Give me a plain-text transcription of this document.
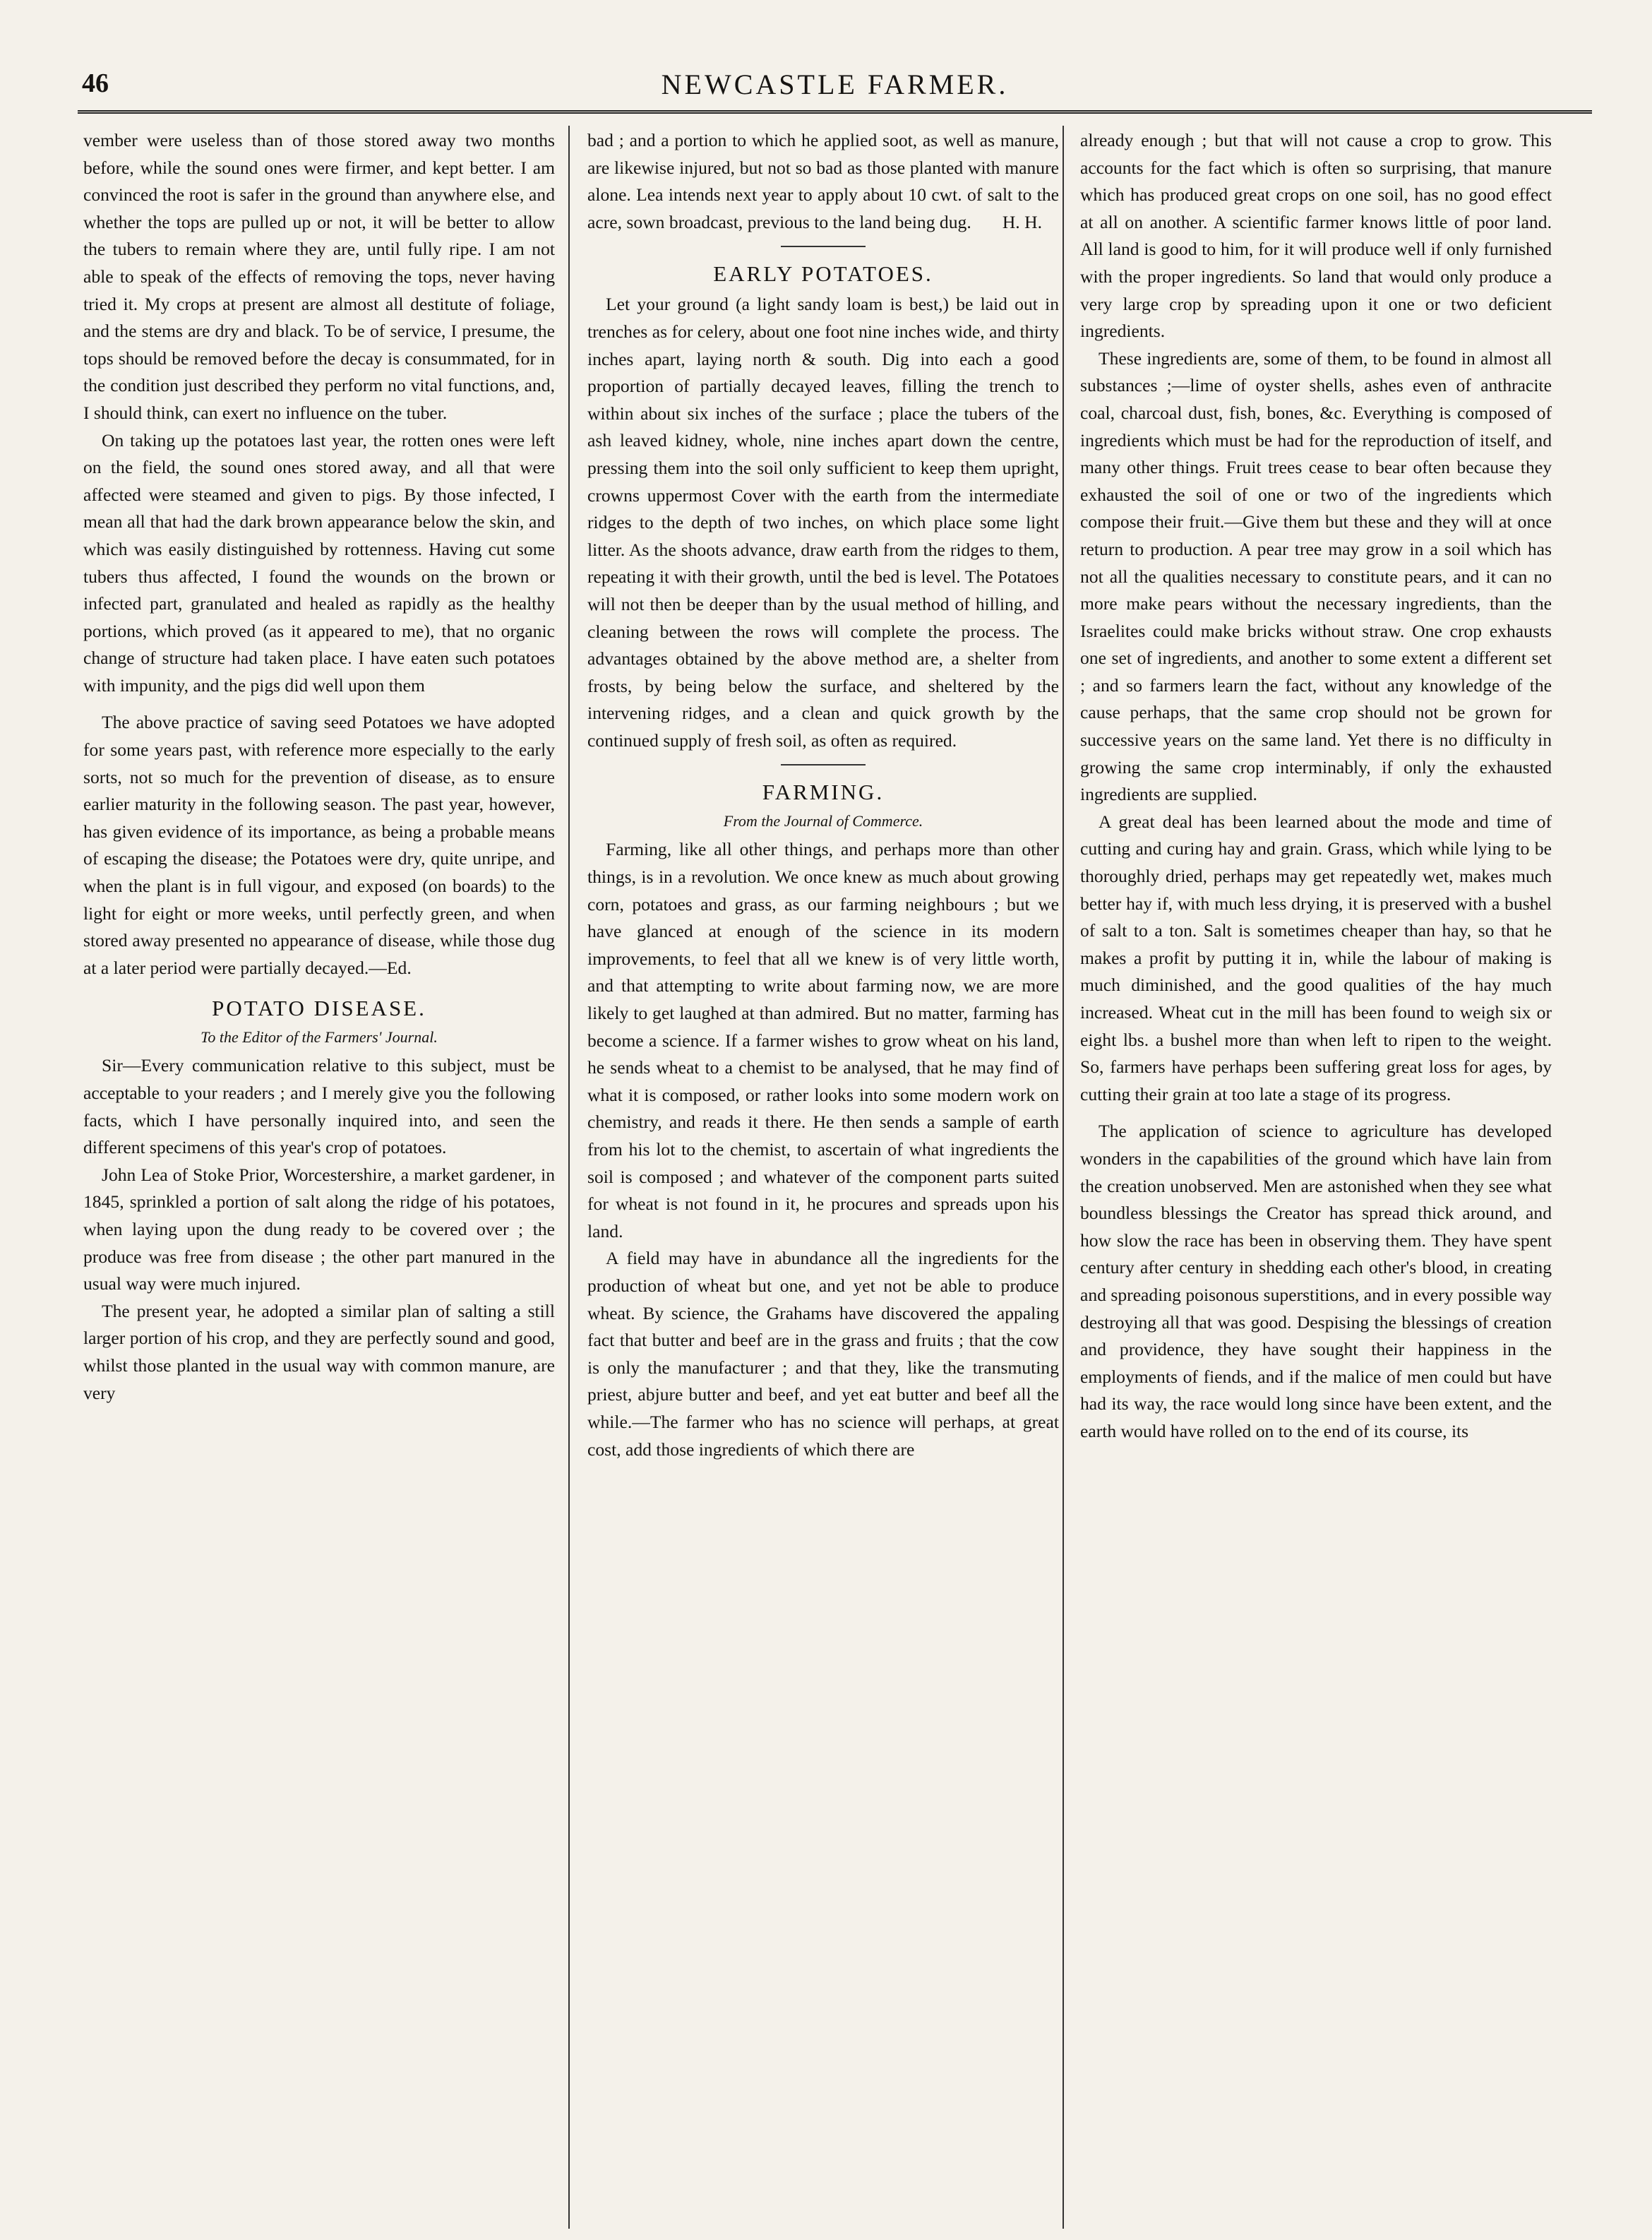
46	NEWCASTLE FARMER.

vember were useless than of those stored away two months before, while the sound ones were firmer, and kept better. I am convinced the root is safer in the ground than anywhere else, and whether the tops are pulled up or not, it will be better to allow the tubers to remain where they are, until fully ripe. I am not able to speak of the effects of removing the tops, never having tried it. My crops at present are almost all destitute of foliage, and the stems are dry and black. To be of service, I presume, the tops should be removed before the decay is consummated, for in the condition just described they perform no vital functions, and, I should think, can exert no influence on the tuber.

On taking up the potatoes last year, the rotten ones were left on the field, the sound ones stored away, and all that were affected were steamed and given to pigs. By those infected, I mean all that had the dark brown appearance below the skin, and which was easily distinguished by rottenness. Having cut some tubers thus affected, I found the wounds on the brown or infected part, granulated and healed as rapidly as the healthy portions, which proved (as it appeared to me), that no organic change of structure had taken place. I have eaten such potatoes with impunity, and the pigs did well upon them

The above practice of saving seed Potatoes we have adopted for some years past, with reference more especially to the early sorts, not so much for the prevention of disease, as to ensure earlier maturity in the following season. The past year, however, has given evidence of its importance, as being a probable means of escaping the disease; the Potatoes were dry, quite unripe, and when the plant is in full vigour, and exposed (on boards) to the light for eight or more weeks, until perfectly green, and when stored away presented no appearance of disease, while those dug at a later period were partially decayed.—Ed.

POTATO DISEASE.

To the Editor of the Farmers' Journal.

Sir—Every communication relative to this subject, must be acceptable to your readers ; and I merely give you the following facts, which I have personally inquired into, and seen the different specimens of this year's crop of potatoes.

John Lea of Stoke Prior, Worcestershire, a market gardener, in 1845, sprinkled a portion of salt along the ridge of his potatoes, when laying upon the dung ready to be covered over ; the produce was free from disease ; the other part manured in the usual way were much injured.

The present year, he adopted a similar plan of salting a still larger portion of his crop, and they are perfectly sound and good, whilst those planted in the usual way with common manure, are very

bad ; and a portion to which he applied soot, as well as manure, are likewise injured, but not so bad as those planted with manure alone. Lea intends next year to apply about 10 cwt. of salt to the acre, sown broadcast, previous to the land being dug. H. H.

EARLY POTATOES.

Let your ground (a light sandy loam is best,) be laid out in trenches as for celery, about one foot nine inches wide, and thirty inches apart, laying north & south. Dig into each a good proportion of partially decayed leaves, filling the trench to within about six inches of the surface ; place the tubers of the ash leaved kidney, whole, nine inches apart down the centre, pressing them into the soil only sufficient to keep them upright, crowns uppermost Cover with the earth from the intermediate ridges to the depth of two inches, on which place some light litter. As the shoots advance, draw earth from the ridges to them, repeating it with their growth, until the bed is level. The Potatoes will not then be deeper than by the usual method of hilling, and cleaning between the rows will complete the process. The advantages obtained by the above method are, a shelter from frosts, by being below the surface, and sheltered by the intervening ridges, and a clean and quick growth by the continued supply of fresh soil, as often as required.

FARMING.

From the Journal of Commerce.

Farming, like all other things, and perhaps more than other things, is in a revolution. We once knew as much about growing corn, potatoes and grass, as our farming neighbours ; but we have glanced at enough of the science in its modern improvements, to feel that all we knew is of very little worth, and that attempting to write about farming now, we are more likely to get laughed at than admired. But no matter, farming has become a science. If a farmer wishes to grow wheat on his land, he sends wheat to a chemist to be analysed, that he may find of what it is composed, or rather looks into some modern work on chemistry, and reads it there. He then sends a sample of earth from his lot to the chemist, to ascertain of what ingredients the soil is composed ; and whatever of the component parts suited for wheat is not found in it, he procures and spreads upon his land.

A field may have in abundance all the ingredients for the production of wheat but one, and yet not be able to produce wheat. By science, the Grahams have discovered the appaling fact that butter and beef are in the grass and fruits ; that the cow is only the manufacturer ; and that they, like the transmuting priest, abjure butter and beef, and yet eat butter and beef all the while.—The farmer who has no science will perhaps, at great cost, add those ingredients of which there are

already enough ; but that will not cause a crop to grow. This accounts for the fact which is often so surprising, that manure which has produced great crops on one soil, has no good effect at all on another. A scientific farmer knows little of poor land. All land is good to him, for it will produce well if only furnished with the proper ingredients. So land that would only produce a very large crop by spreading upon it one or two deficient ingredients.

These ingredients are, some of them, to be found in almost all substances ;—lime of oyster shells, ashes even of anthracite coal, charcoal dust, fish, bones, &c. Everything is composed of ingredients which must be had for the reproduction of itself, and many other things. Fruit trees cease to bear often because they exhausted the soil of one or two of the ingredients which compose their fruit.—Give them but these and they will at once return to production. A pear tree may grow in a soil which has not all the qualities necessary to constitute pears, and it can no more make pears without the necessary ingredients, than the Israelites could make bricks without straw. One crop exhausts one set of ingredients, and another to some extent a different set ; and so farmers learn the fact, without any knowledge of the cause perhaps, that the same crop should not be grown for successive years on the same land. Yet there is no difficulty in growing the same crop interminably, if only the exhausted ingredients are supplied.

A great deal has been learned about the mode and time of cutting and curing hay and grain. Grass, which while lying to be thoroughly dried, perhaps may get repeatedly wet, makes much better hay if, with much less drying, it is preserved with a bushel of salt to a ton. Salt is sometimes cheaper than hay, so that he makes a profit by putting it in, while the labour of making is much diminished, and the good qualities of the hay much increased. Wheat cut in the mill has been found to weigh six or eight lbs. a bushel more than when left to ripen to the weight. So, farmers have perhaps been suffering great loss for ages, by cutting their grain at too late a stage of its progress.

The application of science to agriculture has developed wonders in the capabilities of the ground which have lain from the creation unobserved. Men are astonished when they see what boundless blessings the Creator has spread thick around, and how slow the race has been in observing them. They have spent century after century in shedding each other's blood, in creating and spreading poisonous superstitions, and in every possible way destroying all that was good. Despising the blessings of creation and providence, they have sought their happiness in the employments of fiends, and if the malice of men could but have had its way, the race would long since have been extent, and the earth would have rolled on to the end of its course, its
